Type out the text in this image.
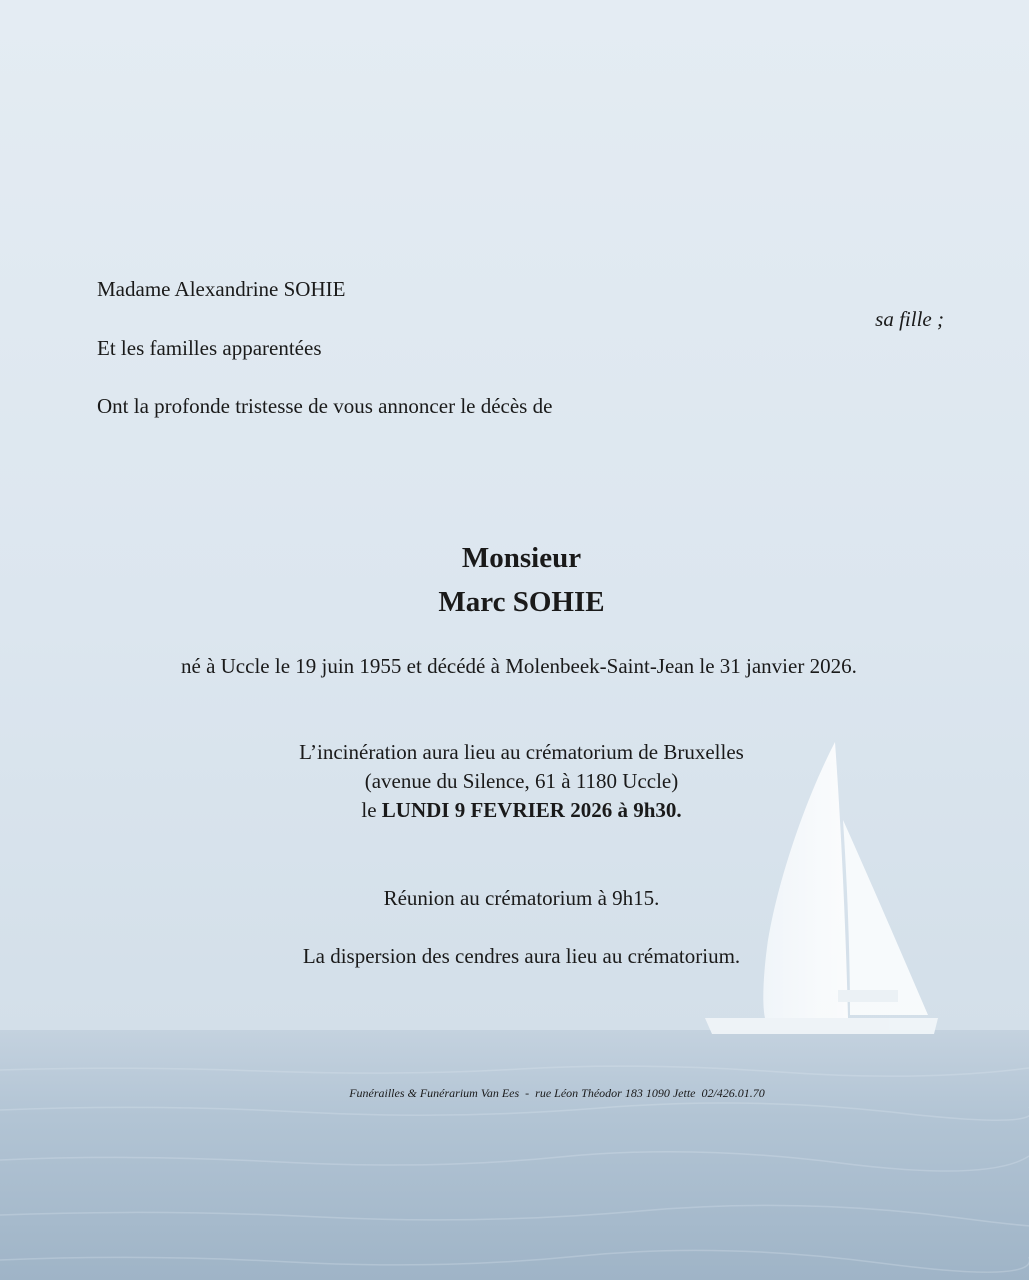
Madame Alexandrine SOHIE
sa fille ;
Et les familles apparentées
Ont la profonde tristesse de vous annoncer le décès de
Monsieur
Marc SOHIE
né à Uccle le 19 juin 1955 et décédé à Molenbeek-Saint-Jean le 31 janvier 2026.
L’incinération aura lieu au crématorium de Bruxelles
(avenue du Silence, 61 à 1180 Uccle)
le LUNDI 9 FEVRIER 2026 à 9h30.
Réunion au crématorium à 9h15.
La dispersion des cendres aura lieu au crématorium.
Funérailles & Funérarium Van Ees  -  rue Léon Théodor 183 1090 Jette  02/426.01.70
